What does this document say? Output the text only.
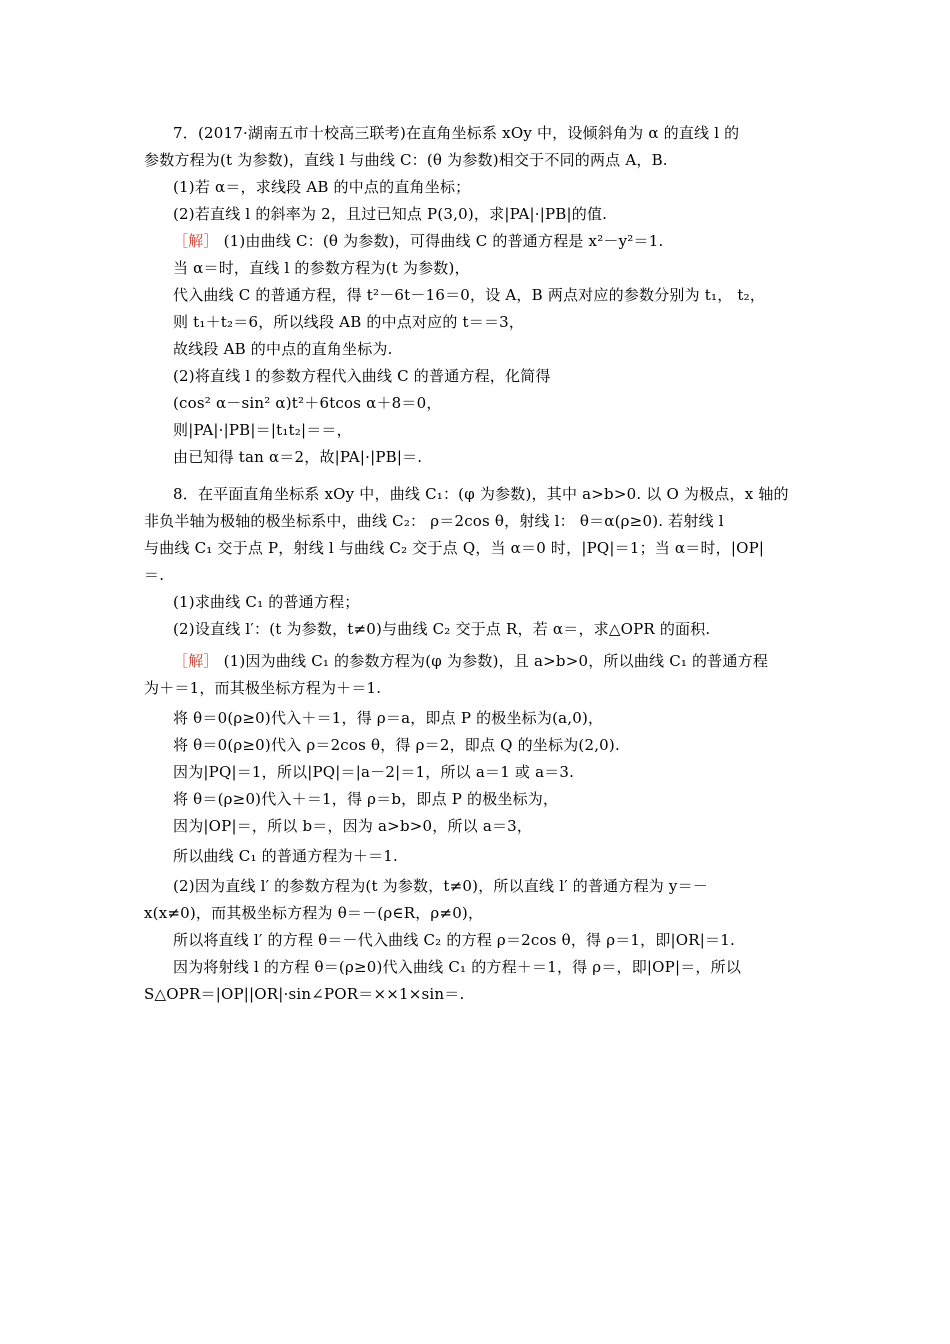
7．(2017·湖南五市十校高三联考)在直角坐标系 xOy 中，设倾斜角为 α 的直线 l 的
参数方程为(t 为参数)，直线 l 与曲线 C：(θ 为参数)相交于不同的两点 A，B.
(1)若 α＝，求线段 AB 的中点的直角坐标；
(2)若直线 l 的斜率为 2，且过已知点 P(3,0)，求|PA|·|PB|的值.
［解］ (1)由曲线 C：(θ 为参数)，可得曲线 C 的普通方程是 x²－y²＝1.
当 α＝时，直线 l 的参数方程为(t 为参数)，
代入曲线 C 的普通方程，得 t²－6t－16＝0，设 A，B 两点对应的参数分别为 t₁， t₂，
则 t₁＋t₂＝6，所以线段 AB 的中点对应的 t＝＝3，
故线段 AB 的中点的直角坐标为.
(2)将直线 l 的参数方程代入曲线 C 的普通方程，化简得
(cos² α－sin² α)t²＋6tcos α＋8＝0，
则|PA|·|PB|＝|t₁t₂|＝＝，
由已知得 tan α＝2，故|PA|·|PB|＝.
8．在平面直角坐标系 xOy 中，曲线 C₁：(φ 为参数)，其中 a>b>0. 以 O 为极点，x 轴的
非负半轴为极轴的极坐标系中，曲线 C₂： ρ＝2cos θ，射线 l： θ＝α(ρ≥0). 若射线 l
与曲线 C₁ 交于点 P，射线 l 与曲线 C₂ 交于点 Q，当 α＝0 时，|PQ|＝1；当 α＝时，|OP|
＝.
(1)求曲线 C₁ 的普通方程；
(2)设直线 l′：(t 为参数，t≠0)与曲线 C₂ 交于点 R，若 α＝，求△OPR 的面积.
［解］ (1)因为曲线 C₁ 的参数方程为(φ 为参数)，且 a>b>0，所以曲线 C₁ 的普通方程
为＋＝1，而其极坐标方程为＋＝1.
将 θ＝0(ρ≥0)代入＋＝1，得 ρ＝a，即点 P 的极坐标为(a,0)，
将 θ＝0(ρ≥0)代入 ρ＝2cos θ，得 ρ＝2，即点 Q 的坐标为(2,0).
因为|PQ|＝1，所以|PQ|＝|a－2|＝1，所以 a＝1 或 a＝3.
将 θ＝(ρ≥0)代入＋＝1，得 ρ＝b，即点 P 的极坐标为，
因为|OP|＝，所以 b＝，因为 a>b>0，所以 a＝3，
所以曲线 C₁ 的普通方程为＋＝1.
(2)因为直线 l′ 的参数方程为(t 为参数，t≠0)，所以直线 l′ 的普通方程为 y＝－
x(x≠0)，而其极坐标方程为 θ＝－(ρ∈R，ρ≠0)，
所以将直线 l′ 的方程 θ＝－代入曲线 C₂ 的方程 ρ＝2cos θ，得 ρ＝1，即|OR|＝1.
因为将射线 l 的方程 θ＝(ρ≥0)代入曲线 C₁ 的方程＋＝1，得 ρ＝，即|OP|＝，所以
S△OPR＝|OP||OR|·sin∠POR＝××1×sin＝.
